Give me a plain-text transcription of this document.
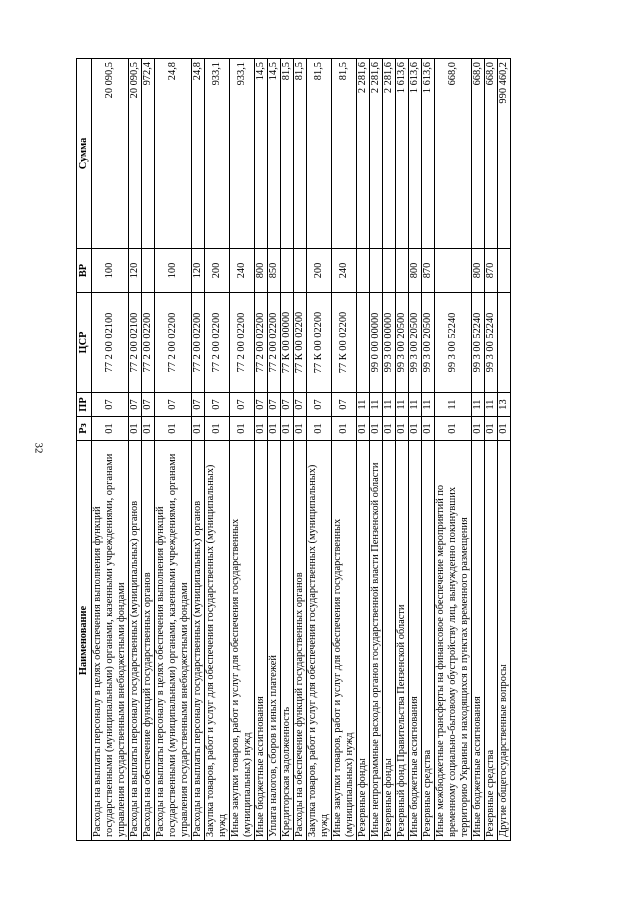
32
Наименование	Рз	ПР	ЦСР	ВР	Сумма
Расходы на выплаты персоналу в целях обеспечения выполнения функций государственными (муниципальными) органами, казенными учреждениями, органами управления государственными внебюджетными фондами	01	07	77 2 00 02100	100	20 090,5
Расходы на выплаты персоналу государственных (муниципальных) органов	01	07	77 2 00 02100	120	20 090,5
Расходы на обеспечение функций государственных органов	01	07	77 2 00 02200		972,4
Расходы на выплаты персоналу в целях обеспечения выполнения функций государственными (муниципальными) органами, казенными учреждениями, органами управления государственными внебюджетными фондами	01	07	77 2 00 02200	100	24,8
Расходы на выплаты персоналу государственных (муниципальных) органов	01	07	77 2 00 02200	120	24,8
Закупка товаров, работ и услуг для обеспечения государственных (муниципальных) нужд	01	07	77 2 00 02200	200	933,1
Иные закупки товаров, работ и услуг для обеспечения государственных (муниципальных) нужд	01	07	77 2 00 02200	240	933,1
Иные бюджетные ассигнования	01	07	77 2 00 02200	800	14,5
Уплата налогов, сборов и иных платежей	01	07	77 2 00 02200	850	14,5
Кредиторская задолженность	01	07	77 К 00 00000		81,5
Расходы на обеспечение функций государственных органов	01	07	77 К 00 02200		81,5
Закупка товаров, работ и услуг для обеспечения государственных (муниципальных) нужд	01	07	77 К 00 02200	200	81,5
Иные закупки товаров, работ и услуг для обеспечения государственных (муниципальных) нужд	01	07	77 К 00 02200	240	81,5
Резервные фонды	01	11			2 281,6
Иные непрограммные расходы органов государственной власти Пензенской области	01	11	99 0 00 00000		2 281,6
Резервные фонды	01	11	99 3 00 00000		2 281,6
Резервный фонд Правительства Пензенской области	01	11	99 3 00 20500		1 613,6
Иные бюджетные ассигнования	01	11	99 3 00 20500	800	1 613,6
Резервные средства	01	11	99 3 00 20500	870	1 613,6
Иные межбюджетные трансферты на финансовое обеспечение мероприятий по временному социально-бытовому обустройству лиц, вынужденно покинувших территорию Украины и находящихся в пунктах временного размещения	01	11	99 3 00 52240		668,0
Иные бюджетные ассигнования	01	11	99 3 00 52240	800	668,0
Резервные средства	01	11	99 3 00 52240	870	668,0
Другие общегосударственные вопросы	01	13			990 460,2
